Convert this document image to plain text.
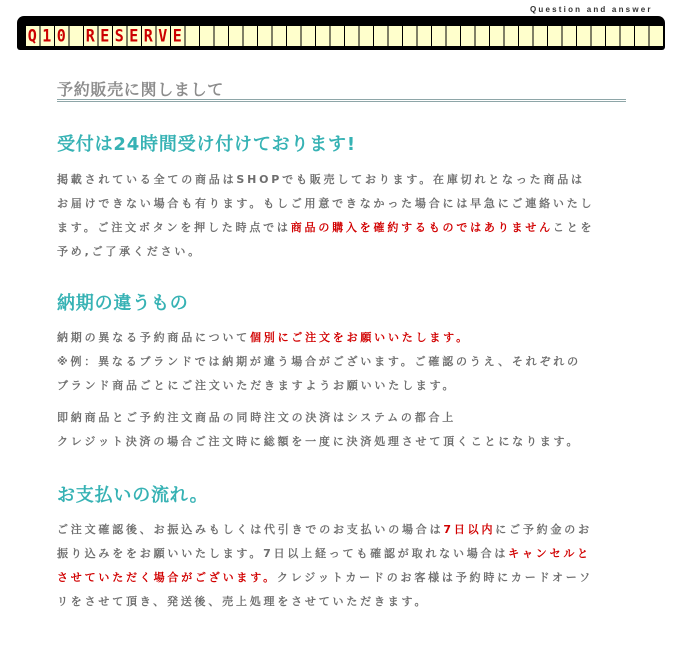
Question and answer
Q10 RESERVE
予約販売に関しまして
受付は24時間受け付けております!
掲載されている全ての商品はSHOPでも販売しております。在庫切れとなった商品は
お届けできない場合も有ります。もしご用意できなかった場合には早急にご連絡いたし
ます。ご注文ボタンを押した時点では商品の購入を確約するものではありませんことを
予め,ご了承ください。
納期の違うもの
納期の異なる予約商品について個別にご注文をお願いいたします。
※例：異なるブランドでは納期が違う場合がございます。ご確認のうえ、それぞれの
ブランド商品ごとにご注文いただきますようお願いいたします。
即納商品とご予約注文商品の同時注文の決済はシステムの都合上
クレジット決済の場合ご注文時に総額を一度に決済処理させて頂くことになります。
お支払いの流れ。
ご注文確認後、お振込みもしくは代引きでのお支払いの場合は7日以内にご予約金のお
振り込みををお願いいたします。7日以上経っても確認が取れない場合はキャンセルと
させていただく場合がございます。クレジットカードのお客様は予約時にカードオーソ
リをさせて頂き、発送後、売上処理をさせていただきます。
